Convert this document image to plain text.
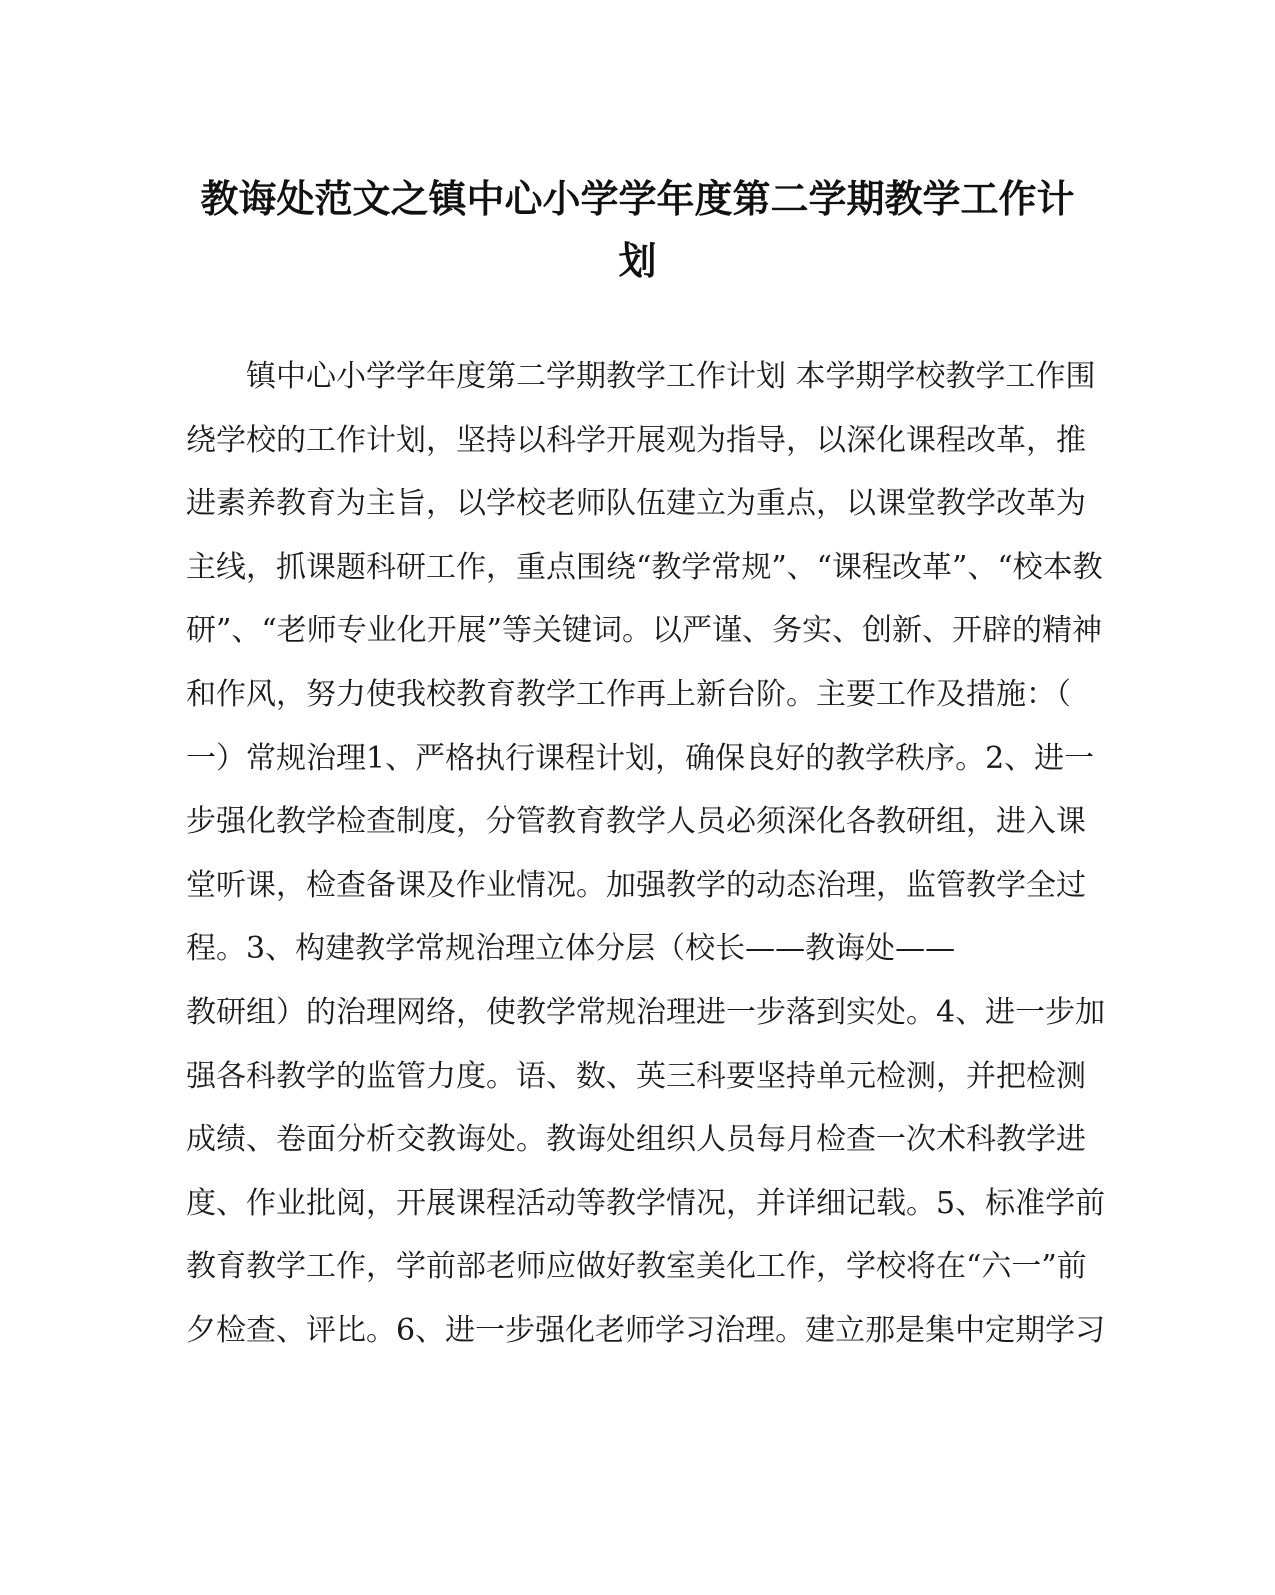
教诲处范文之镇中心小学学年度第二学期教学工作计划
镇中心小学学年度第二学期教学工作计划 本学期学校教学工作围
绕学校的工作计划，坚持以科学开展观为指导，以深化课程改革，推
进素养教育为主旨，以学校老师队伍建立为重点，以课堂教学改革为
主线，抓课题科研工作，重点围绕“教学常规”、“课程改革”、“校本教
研”、“老师专业化开展”等关键词。以严谨、务实、创新、开辟的精神
和作风，努力使我校教育教学工作再上新台阶。主要工作及措施：（
一）常规治理1、严格执行课程计划，确保良好的教学秩序。2、进一
步强化教学检查制度，分管教育教学人员必须深化各教研组，进入课
堂听课，检查备课及作业情况。加强教学的动态治理，监管教学全过
程。3、构建教学常规治理立体分层（校长——教诲处——
教研组）的治理网络，使教学常规治理进一步落到实处。4、进一步加
强各科教学的监管力度。语、数、英三科要坚持单元检测，并把检测
成绩、卷面分析交教诲处。教诲处组织人员每月检查一次术科教学进
度、作业批阅，开展课程活动等教学情况，并详细记载。5、标准学前
教育教学工作，学前部老师应做好教室美化工作，学校将在“六一”前
夕检查、评比。6、进一步强化老师学习治理。建立那是集中定期学习
